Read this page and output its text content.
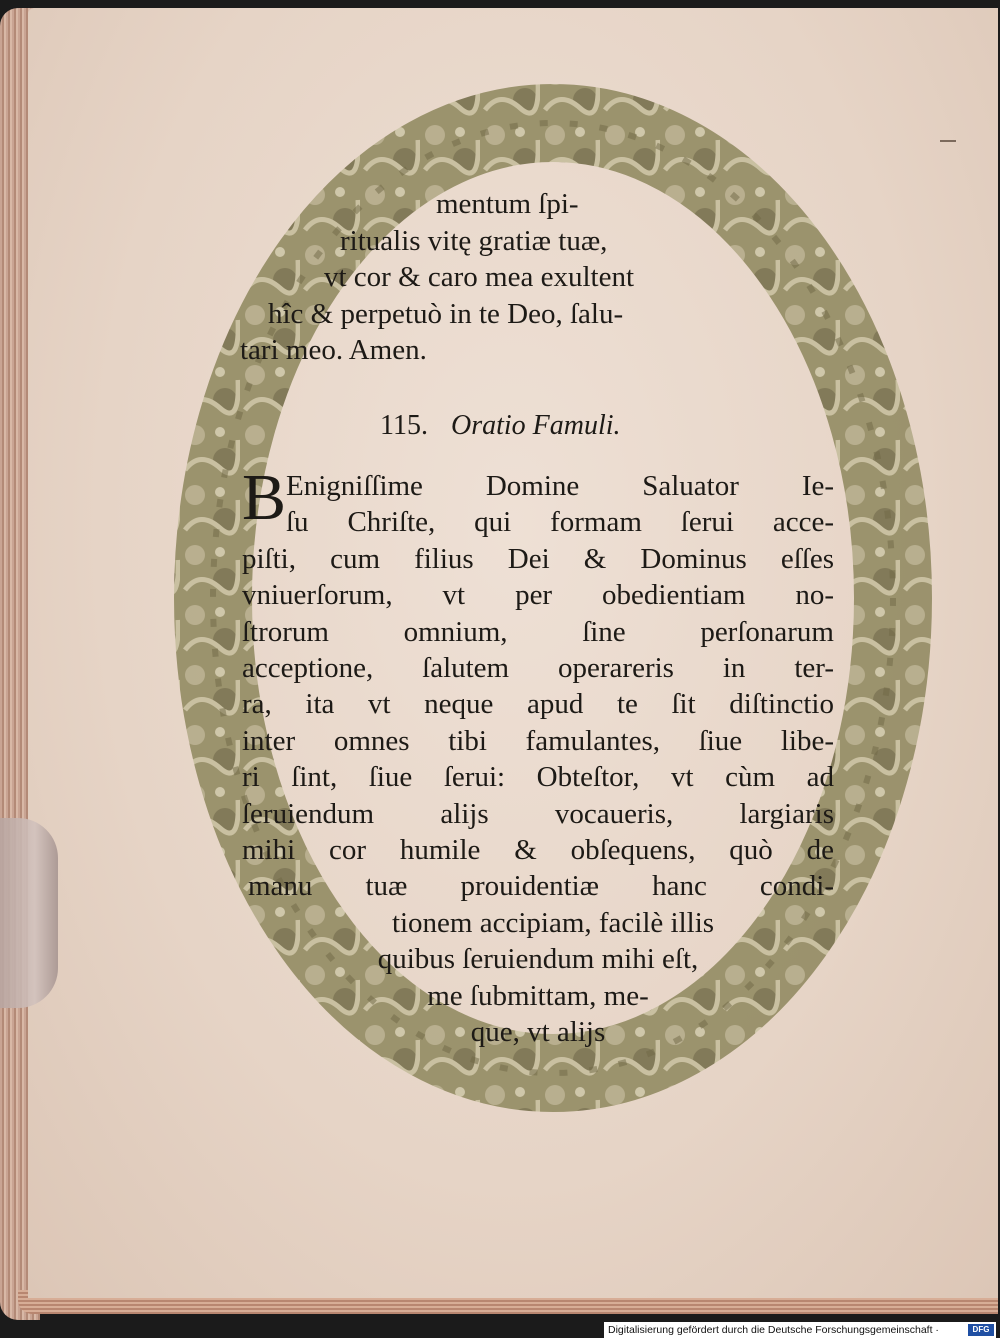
mentum ſpi-
ritualis vitę gratiæ tuæ,
vt cor & caro mea exultent
hîc & perpetuò in te Deo, ſalu-
tari meo. Amen.
115. Oratio Famuli.
B Enigniſſime Domine Saluator Ie-
ſu Chriſte, qui formam ſerui acce-
piſti, cum filius Dei & Dominus eſſes
vniuerſorum, vt per obedientiam no-
ſtrorum omnium, ſine perſonarum
acceptione, ſalutem operareris in ter-
ra, ita vt neque apud te ſit diſtinctio
inter omnes tibi famulantes, ſiue libe-
ri ſint, ſiue ſerui: Obteſtor, vt cùm ad
ſeruiendum alijs vocaueris, largiaris
mihi cor humile & obſequens, quò de
manu tuæ prouidentiæ hanc condi-
tionem accipiam, facilè illis
quibus ſeruiendum mihi eſt,
me ſubmittam, me-
que, vt alijs
Digitalisierung gefördert durch die Deutsche Forschungsgemeinschaft ·	DFG
